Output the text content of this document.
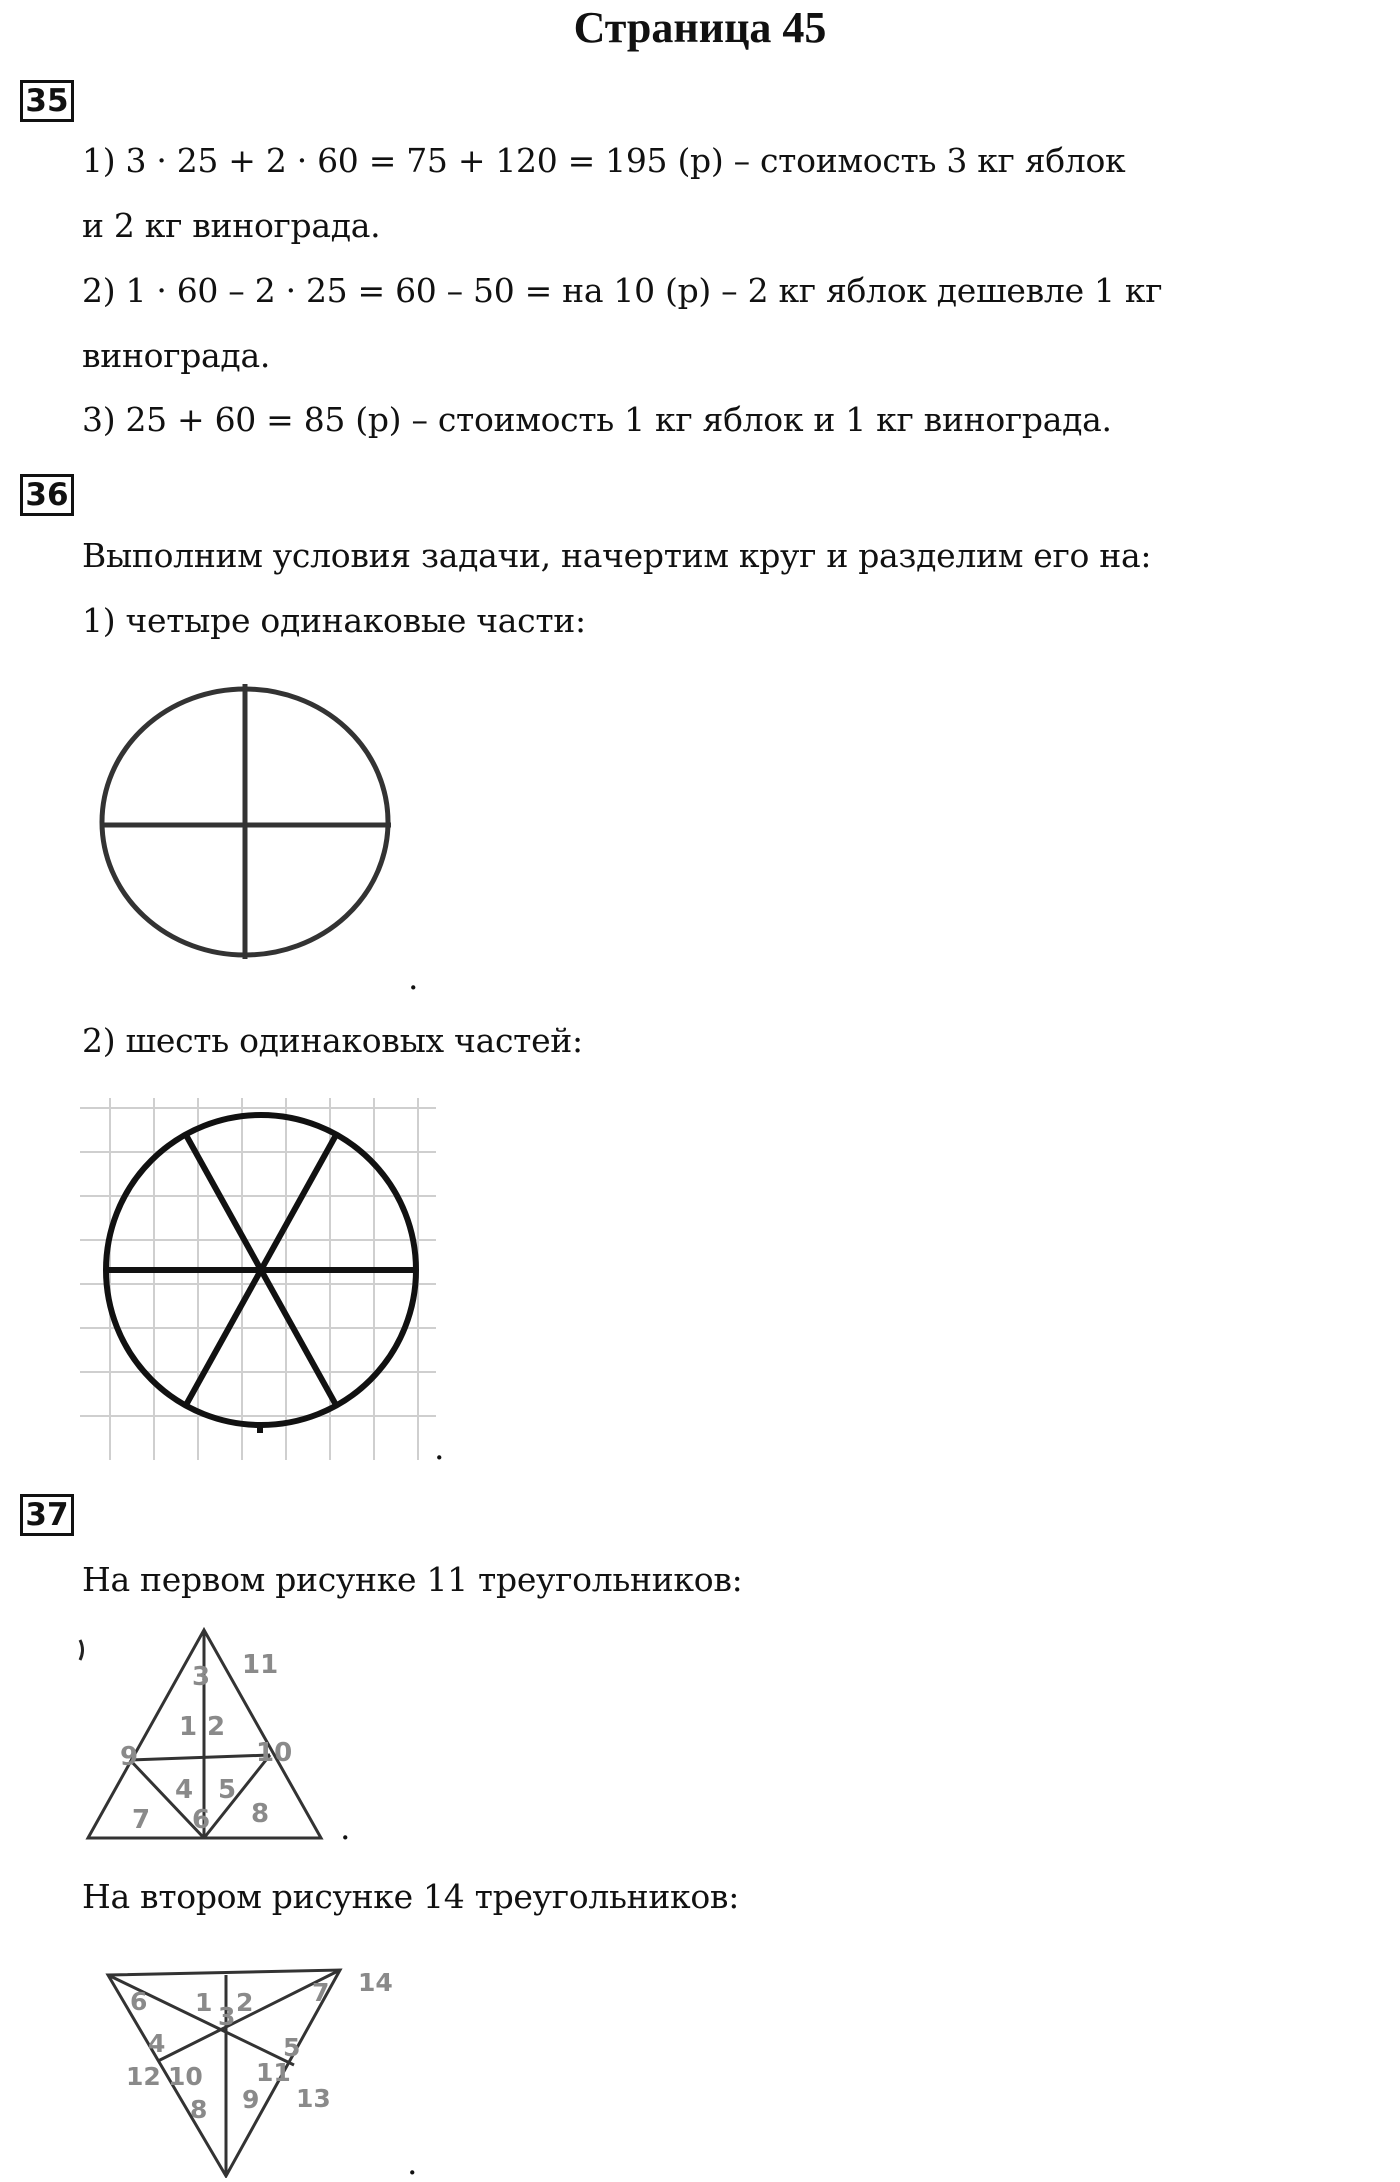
Страница 45
35
1) 3 · 25 + 2 · 60 = 75 + 120 = 195 (р) – стоимость 3 кг яблок
и 2 кг винограда.
2) 1 · 60 – 2 · 25 = 60 – 50 = на 10 (р) – 2 кг яблок дешевле 1 кг
винограда.
3) 25 + 60 = 85 (р) – стоимость 1 кг яблок и 1 кг винограда.
36
Выполним условия задачи, начертим круг и разделим его на:
1) четыре одинаковые части:
.
2) шесть одинаковых частей:
.
37
На первом рисунке 11 треугольников:
1 2
3
4 5
6
7	8
9	10
11
.
На втором рисунке 14 треугольников:
1 2
3
4	5
6	7
8 9
10 11
12
13
14
.
